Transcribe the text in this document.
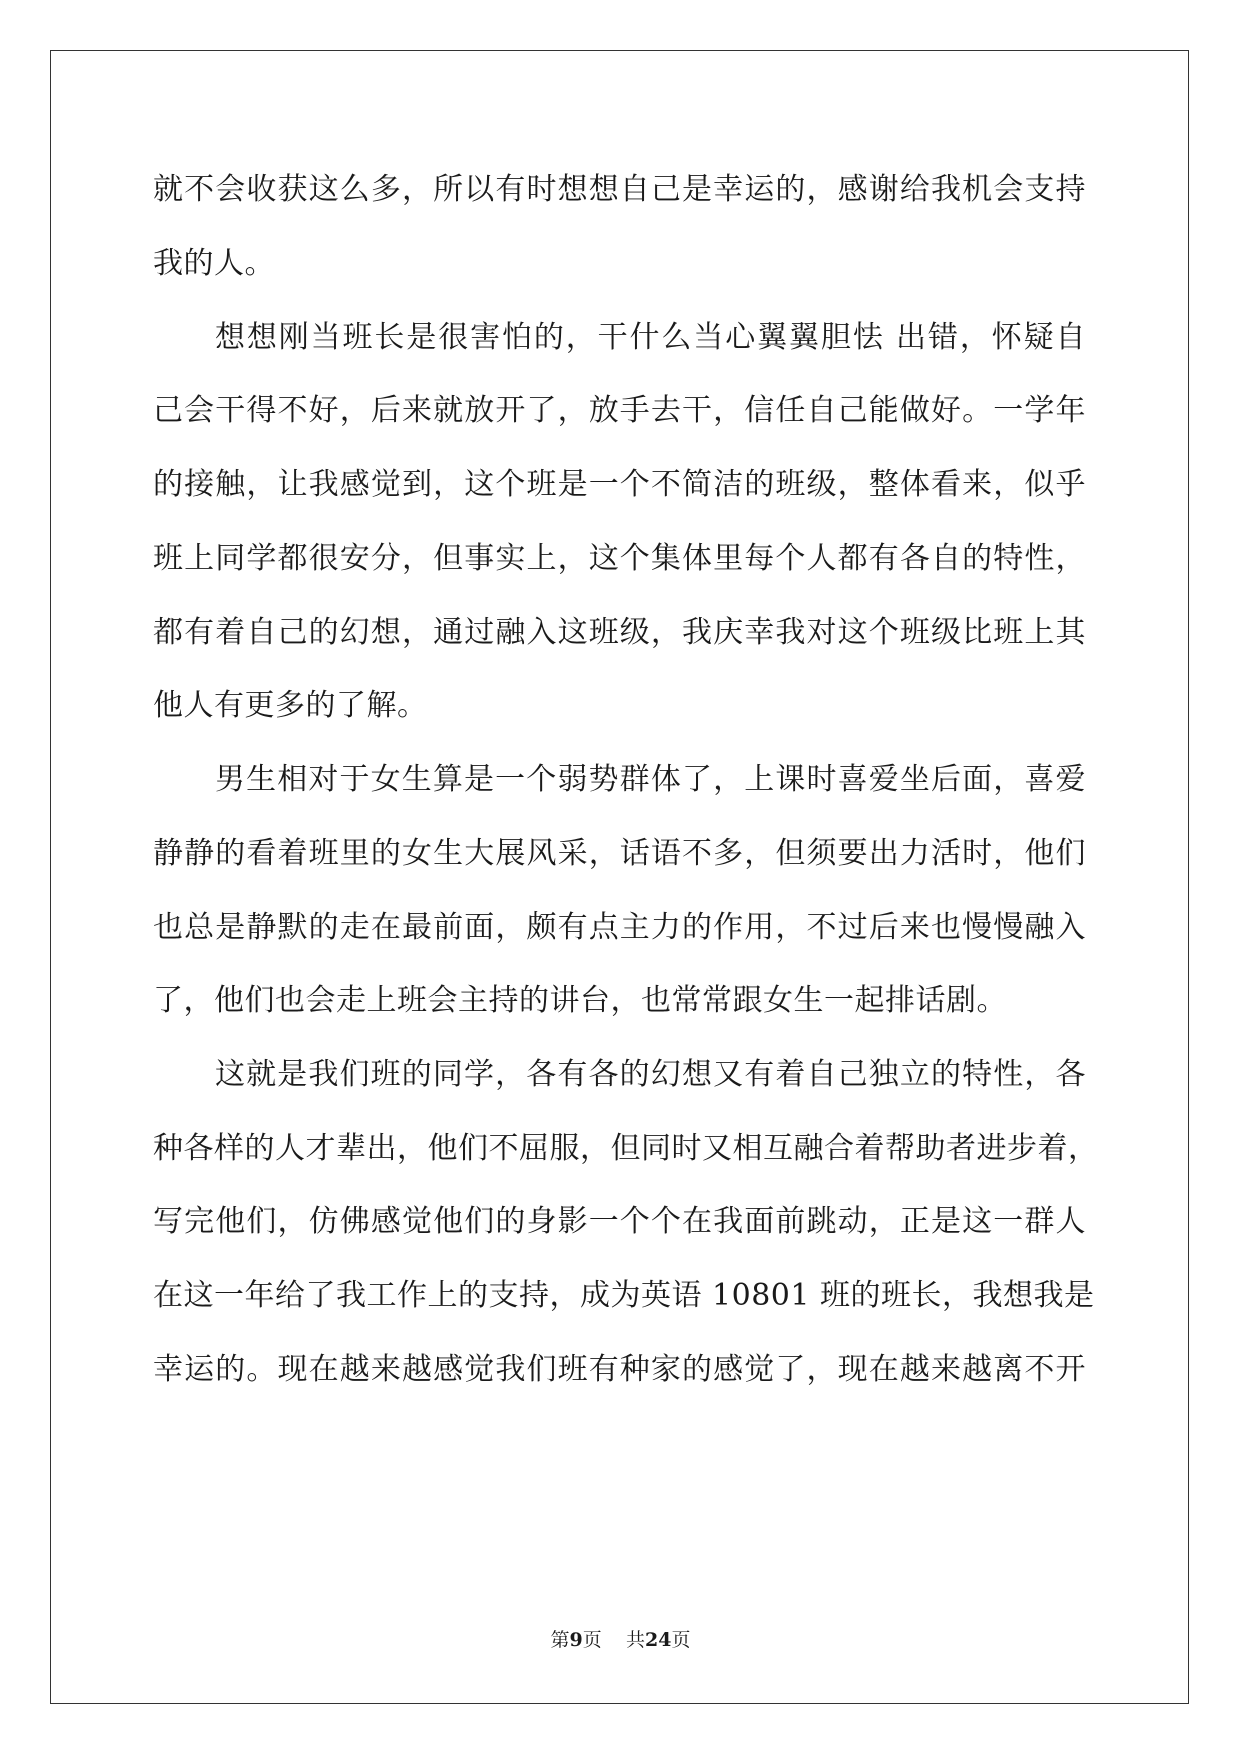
就不会收获这么多，所以有时想想自己是幸运的，感谢给我机会支持
我的人。
想想刚当班长是很害怕的，干什么当心翼翼胆怯 出错，怀疑自
己会干得不好，后来就放开了，放手去干，信任自己能做好。一学年
的接触，让我感觉到，这个班是一个不简洁的班级，整体看来，似乎
班上同学都很安分，但事实上，这个集体里每个人都有各自的特性，
都有着自己的幻想，通过融入这班级，我庆幸我对这个班级比班上其
他人有更多的了解。
男生相对于女生算是一个弱势群体了，上课时喜爱坐后面，喜爱
静静的看着班里的女生大展风采，话语不多，但须要出力活时，他们
也总是静默的走在最前面，颇有点主力的作用，不过后来也慢慢融入
了，他们也会走上班会主持的讲台，也常常跟女生一起排话剧。
这就是我们班的同学，各有各的幻想又有着自己独立的特性，各
种各样的人才辈出，他们不屈服，但同时又相互融合着帮助者进步着，
写完他们，仿佛感觉他们的身影一个个在我面前跳动，正是这一群人
在这一年给了我工作上的支持，成为英语 10801 班的班长，我想我是
幸运的。现在越来越感觉我们班有种家的感觉了，现在越来越离不开
第9页 共24页
